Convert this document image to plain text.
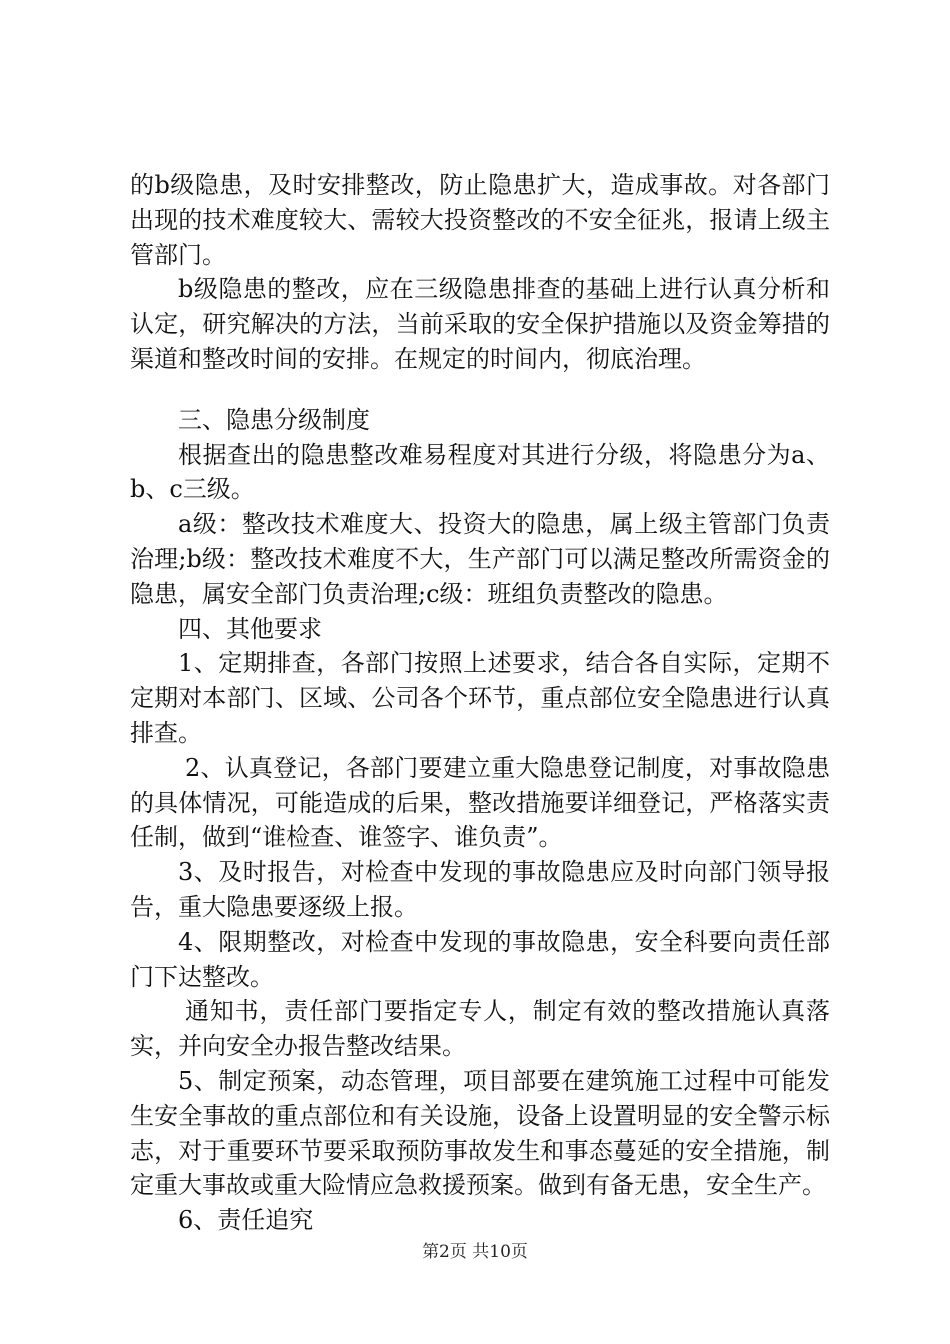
的b级隐患，及时安排整改，防止隐患扩大，造成事故。对各部门出现的技术难度较大、需较大投资整改的不安全征兆，报请上级主管部门。

b级隐患的整改，应在三级隐患排查的基础上进行认真分析和认定，研究解决的方法，当前采取的安全保护措施以及资金筹措的渠道和整改时间的安排。在规定的时间内，彻底治理。

三、隐患分级制度

根据查出的隐患整改难易程度对其进行分级，将隐患分为a、b、c三级。

a级：整改技术难度大、投资大的隐患，属上级主管部门负责治理;b级：整改技术难度不大，生产部门可以满足整改所需资金的隐患，属安全部门负责治理;c级：班组负责整改的隐患。

四、其他要求

1、定期排查，各部门按照上述要求，结合各自实际，定期不定期对本部门、区域、公司各个环节，重点部位安全隐患进行认真排查。

2、认真登记，各部门要建立重大隐患登记制度，对事故隐患的具体情况，可能造成的后果，整改措施要详细登记，严格落实责任制，做到“谁检查、谁签字、谁负责”。

3、及时报告，对检查中发现的事故隐患应及时向部门领导报告，重大隐患要逐级上报。

4、限期整改，对检查中发现的事故隐患，安全科要向责任部门下达整改。

通知书，责任部门要指定专人，制定有效的整改措施认真落实，并向安全办报告整改结果。

5、制定预案，动态管理，项目部要在建筑施工过程中可能发生安全事故的重点部位和有关设施，设备上设置明显的安全警示标志，对于重要环节要采取预防事故发生和事态蔓延的安全措施，制定重大事故或重大险情应急救援预案。做到有备无患，安全生产。

6、责任追究

第2页 共10页
